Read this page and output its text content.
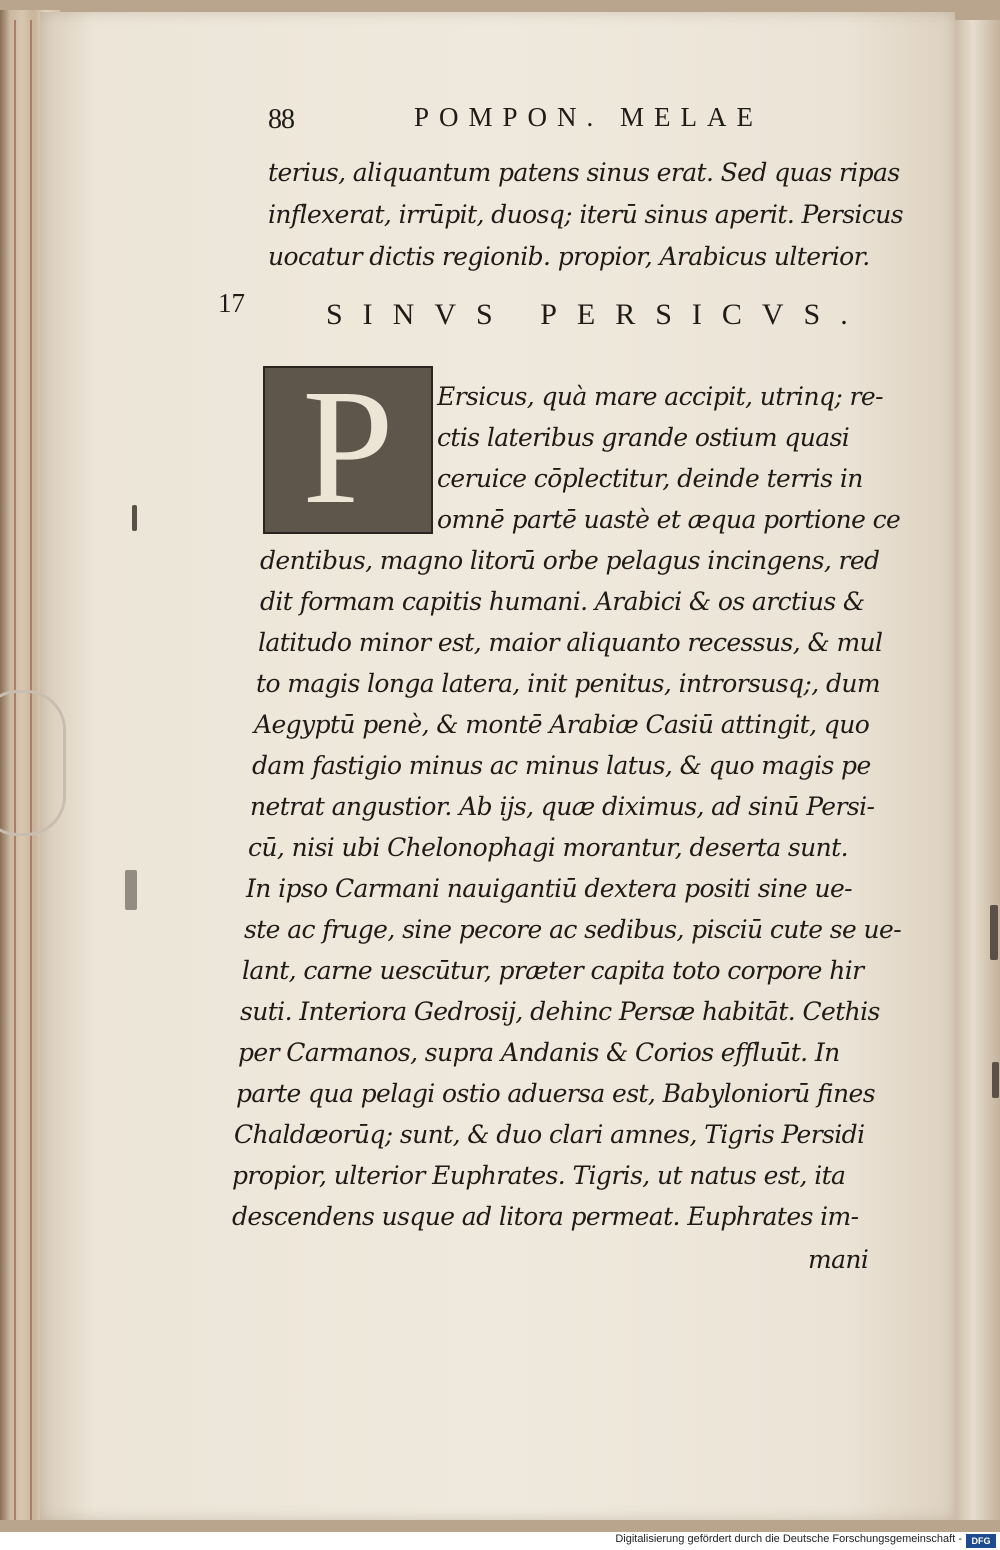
88	POMPON. MELAE
terius, aliquantum patens sinus erat. Sed quas ripas
inflexerat, irrūpit, duosq; iterū sinus aperit. Persicus
uocatur dictis regionib. propior, Arabicus ulterior.
17	SINVS PERSICVS.
P	Ersicus, quà mare accipit, utrinq; re-
ctis lateribus grande ostium quasi
ceruice cōplectitur, deinde terris in
omnē partē uastè et æqua portione ce
dentibus, magno litorū orbe pelagus incingens, red
dit formam capitis humani. Arabici & os arctius &
latitudo minor est, maior aliquanto recessus, & mul
to magis longa latera, init penitus, introrsusq;, dum
Aegyptū penè, & montē Arabiæ Casiū attingit, quo
dam fastigio minus ac minus latus, & quo magis pe
netrat angustior. Ab ijs, quæ diximus, ad sinū Persi-
cū, nisi ubi Chelonophagi morantur, deserta sunt.
In ipso Carmani nauigantiū dextera positi sine ue-
ste ac fruge, sine pecore ac sedibus, pisciū cute se ue-
lant, carne uescūtur, præter capita toto corpore hir
suti. Interiora Gedrosij, dehinc Persæ habitāt. Cethis
per Carmanos, supra Andanis & Corios effluūt. In
parte qua pelagi ostio aduersa est, Babyloniorū fines
Chaldæorūq; sunt, & duo clari amnes, Tigris Persidi
propior, ulterior Euphrates. Tigris, ut natus est, ita
descendens usque ad litora permeat. Euphrates im-
mani
Digitalisierung gefördert durch die Deutsche Forschungsgemeinschaft -	DFG
